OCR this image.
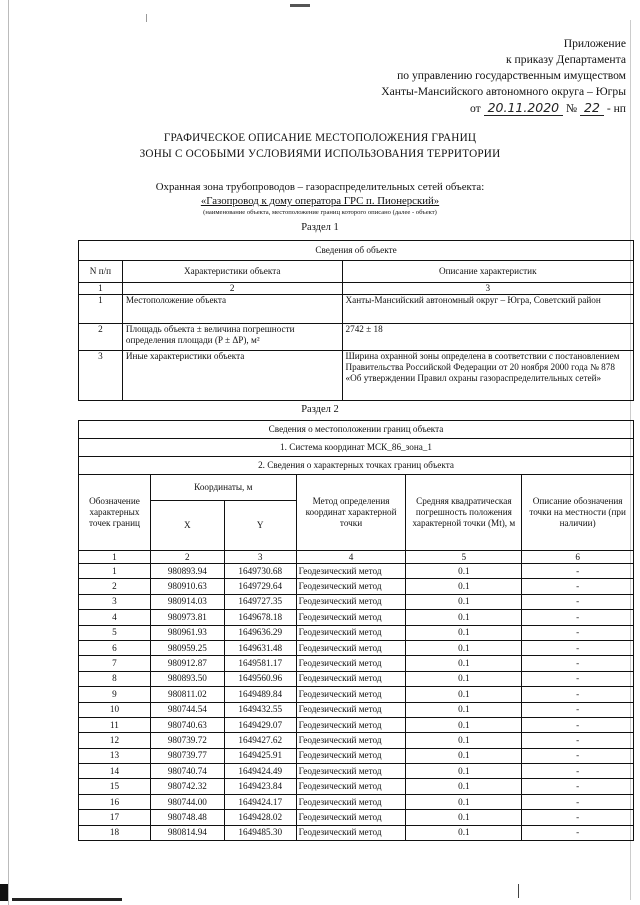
Приложение
к приказу Департамента
по управлению государственным имуществом
Ханты-Мансийского автономного округа – Югры
от 20.11.2020 № 22 - нп
ГРАФИЧЕСКОЕ ОПИСАНИЕ МЕСТОПОЛОЖЕНИЯ ГРАНИЦ
ЗОНЫ С ОСОБЫМИ УСЛОВИЯМИ ИСПОЛЬЗОВАНИЯ ТЕРРИТОРИИ
Охранная зона трубопроводов – газораспределительных сетей объекта:
«Газопровод к дому оператора ГРС п. Пионерский»
(наименование объекта, местоположение границ которого описано (далее - объект)
Раздел 1
Сведения об объекте		
N п/п	Характеристики объекта	Описание характеристик
1	2	3
1	Местоположение объекта	Ханты-Мансийский автономный округ – Югра, Советский район
2	Площадь объекта ± величина погрешности определения площади (P ± ΔP), м²	2742 ± 18
3	Иные характеристики объекта	Ширина охранной зоны определена в соответствии с постановлением Правительства Российской Федерации от 20 ноября 2000 года № 878 «Об утверждении Правил охраны газораспределительных сетей»
Раздел 2
Сведения о местоположении границ объекта					
1. Система координат МСК_86_зона_1					
2. Сведения о характерных точках границ объекта					
Обозначение характерных точек границ	Координаты, м		Метод определения координат характерной точки	Средняя квадратическая погрешность положения характерной точки (Mt), м	Описание обозначения точки на местности (при наличии)
	X	Y			
1	2	3	4	5	6
1	980893.94	1649730.68	Геодезический метод	0.1	-
2	980910.63	1649729.64	Геодезический метод	0.1	-
3	980914.03	1649727.35	Геодезический метод	0.1	-
4	980973.81	1649678.18	Геодезический метод	0.1	-
5	980961.93	1649636.29	Геодезический метод	0.1	-
6	980959.25	1649631.48	Геодезический метод	0.1	-
7	980912.87	1649581.17	Геодезический метод	0.1	-
8	980893.50	1649560.96	Геодезический метод	0.1	-
9	980811.02	1649489.84	Геодезический метод	0.1	-
10	980744.54	1649432.55	Геодезический метод	0.1	-
11	980740.63	1649429.07	Геодезический метод	0.1	-
12	980739.72	1649427.62	Геодезический метод	0.1	-
13	980739.77	1649425.91	Геодезический метод	0.1	-
14	980740.74	1649424.49	Геодезический метод	0.1	-
15	980742.32	1649423.84	Геодезический метод	0.1	-
16	980744.00	1649424.17	Геодезический метод	0.1	-
17	980748.48	1649428.02	Геодезический метод	0.1	-
18	980814.94	1649485.30	Геодезический метод	0.1	-
